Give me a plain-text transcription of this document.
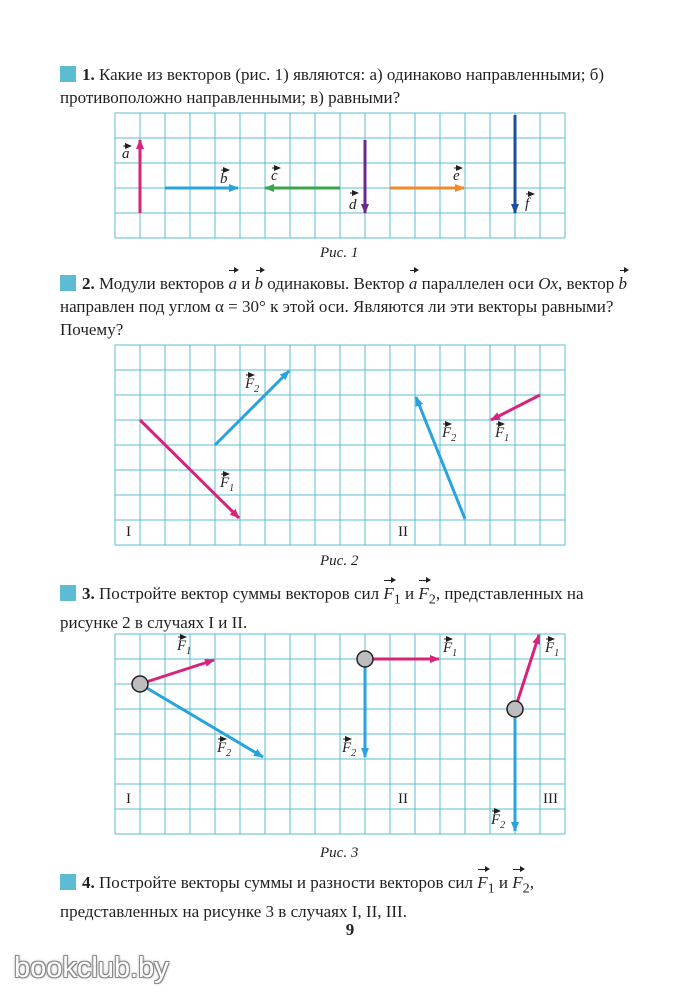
1. Какие из векторов (рис. 1) являются: а) одинаково направленными; б) противоположно направленными; в) равными?

2. Модули векторов a и b одинаковы. Вектор a параллелен оси Ox, вектор b направлен под углом α = 30° к этой оси. Являются ли эти векторы равными? Почему?

3. Постройте вектор суммы векторов сил $F_1$ и $F_2$, представленных на рисунке 2 в случаях I и II.

4. Постройте векторы суммы и разности векторов сил $F_1$ и $F_2$, представленных на рисунке 3 в случаях I, II, III.

a
b	c
d
e
f
$F_2$
$F_1$
$F_2$	$F_1$
I	II
$F_1$
$F_2$
$F_1$
$F_2$
$F_1$
$F_2$
I	II	III
Рис. 1
Рис. 2
Рис. 3
9
bookclub.by
